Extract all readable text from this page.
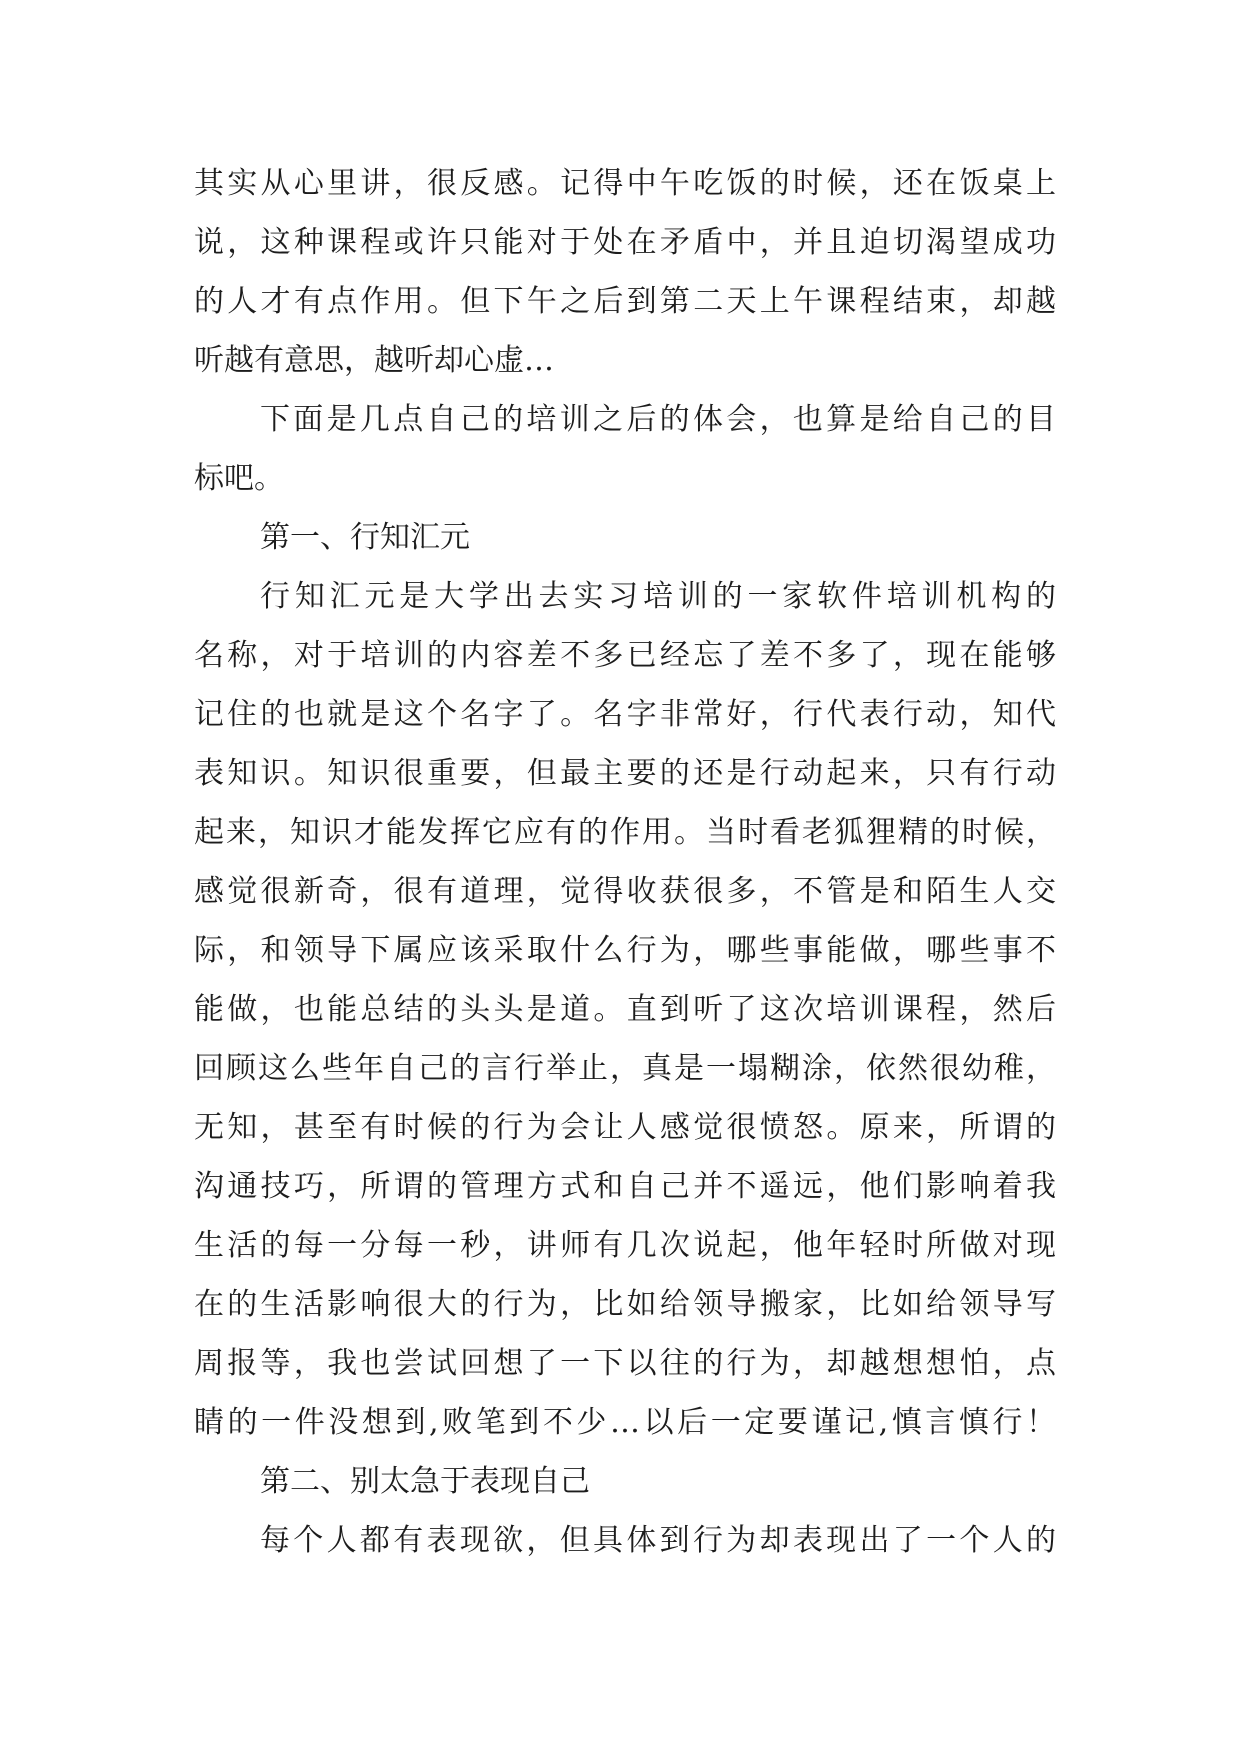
其实从心里讲，很反感。记得中午吃饭的时候，还在饭桌上
说，这种课程或许只能对于处在矛盾中，并且迫切渴望成功
的人才有点作用。但下午之后到第二天上午课程结束，却越
听越有意思，越听却心虚…
下面是几点自己的培训之后的体会，也算是给自己的目
标吧。
第一、行知汇元
行知汇元是大学出去实习培训的一家软件培训机构的
名称，对于培训的内容差不多已经忘了差不多了，现在能够
记住的也就是这个名字了。名字非常好，行代表行动，知代
表知识。知识很重要，但最主要的还是行动起来，只有行动
起来，知识才能发挥它应有的作用。当时看老狐狸精的时候，
感觉很新奇，很有道理，觉得收获很多，不管是和陌生人交
际，和领导下属应该采取什么行为，哪些事能做，哪些事不
能做，也能总结的头头是道。直到听了这次培训课程，然后
回顾这么些年自己的言行举止，真是一塌糊涂，依然很幼稚，
无知，甚至有时候的行为会让人感觉很愤怒。原来，所谓的
沟通技巧，所谓的管理方式和自己并不遥远，他们影响着我
生活的每一分每一秒，讲师有几次说起，他年轻时所做对现
在的生活影响很大的行为，比如给领导搬家，比如给领导写
周报等，我也尝试回想了一下以往的行为，却越想想怕，点
睛的一件没想到,败笔到不少…以后一定要谨记,慎言慎行！
第二、别太急于表现自己
每个人都有表现欲，但具体到行为却表现出了一个人的
